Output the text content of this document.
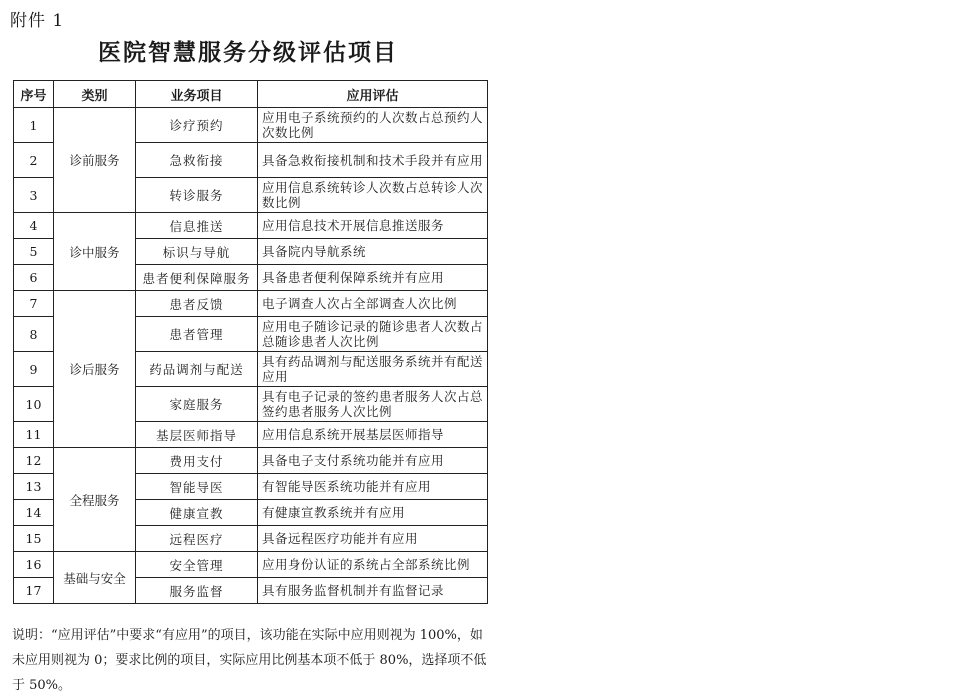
附件 1
医院智慧服务分级评估项目
序号	类别	业务项目	应用评估
1	诊前服务	诊疗预约	应用电子系统预约的人次数占总预约人次数比例
2		急救衔接	具备急救衔接机制和技术手段并有应用
3		转诊服务	应用信息系统转诊人次数占总转诊人次数比例
4	诊中服务	信息推送	应用信息技术开展信息推送服务
5		标识与导航	具备院内导航系统
6		患者便利保障服务	具备患者便利保障系统并有应用
7	诊后服务	患者反馈	电子调查人次占全部调查人次比例
8		患者管理	应用电子随诊记录的随诊患者人次数占总随诊患者人次比例
9		药品调剂与配送	具有药品调剂与配送服务系统并有配送应用
10		家庭服务	具有电子记录的签约患者服务人次占总签约患者服务人次比例
11		基层医师指导	应用信息系统开展基层医师指导
12	全程服务	费用支付	具备电子支付系统功能并有应用
13		智能导医	有智能导医系统功能并有应用
14		健康宣教	有健康宣教系统并有应用
15		远程医疗	具备远程医疗功能并有应用
16	基础与安全	安全管理	应用身份认证的系统占全部系统比例
17		服务监督	具有服务监督机制并有监督记录
说明：“应用评估”中要求“有应用”的项目，该功能在实际中应用则视为 100%，如未应用则视为 0；要求比例的项目，实际应用比例基本项不低于 80%，选择项不低于 50%。
